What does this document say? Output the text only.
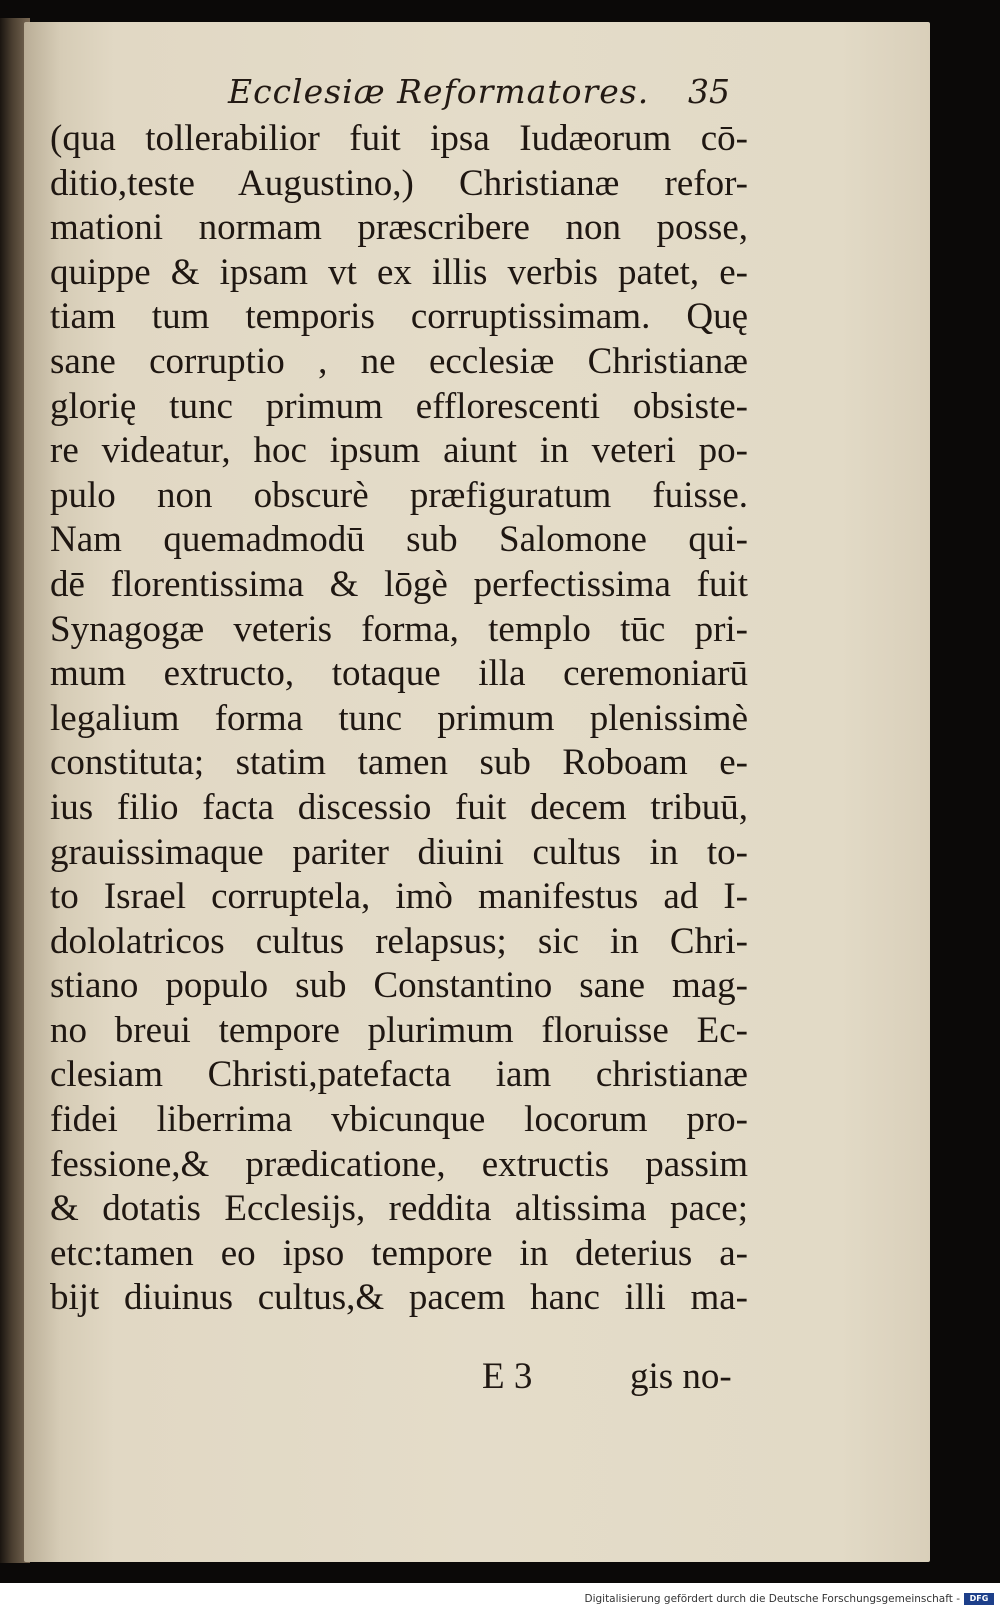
Ecclesiæ Reformatores. 35
(qua tollerabilior fuit ipsa Iudæorum cō-
ditio,teste Augustino,) Christianæ refor-
mationi normam præscribere non posse,
quippe & ipsam vt ex illis verbis patet, e-
tiam tum temporis corruptissimam. Quę
sane corruptio , ne ecclesiæ Christianæ
glorię tunc primum efflorescenti obsiste-
re videatur, hoc ipsum aiunt in veteri po-
pulo non obscurè præfiguratum fuisse.
Nam quemadmodū sub Salomone qui-
dē florentissima & lōgè perfectissima fuit
Synagogæ veteris forma, templo tūc pri-
mum extructo, totaque illa ceremoniarū
legalium forma tunc primum plenissimè
constituta; statim tamen sub Roboam e-
ius filio facta discessio fuit decem tribuū,
grauissimaque pariter diuini cultus in to-
to Israel corruptela, imò manifestus ad I-
dololatricos cultus relapsus; sic in Chri-
stiano populo sub Constantino sane mag-
no breui tempore plurimum floruisse Ec-
clesiam Christi,patefacta iam christianæ
fidei liberrima vbicunque locorum pro-
fessione,& prædicatione, extructis passim
& dotatis Ecclesijs, reddita altissima pace;
etc:tamen eo ipso tempore in deterius a-
bijt diuinus cultus,& pacem hanc illi ma-
E 3	gis no-
Digitalisierung gefördert durch die Deutsche Forschungsgemeinschaft -	DFG
